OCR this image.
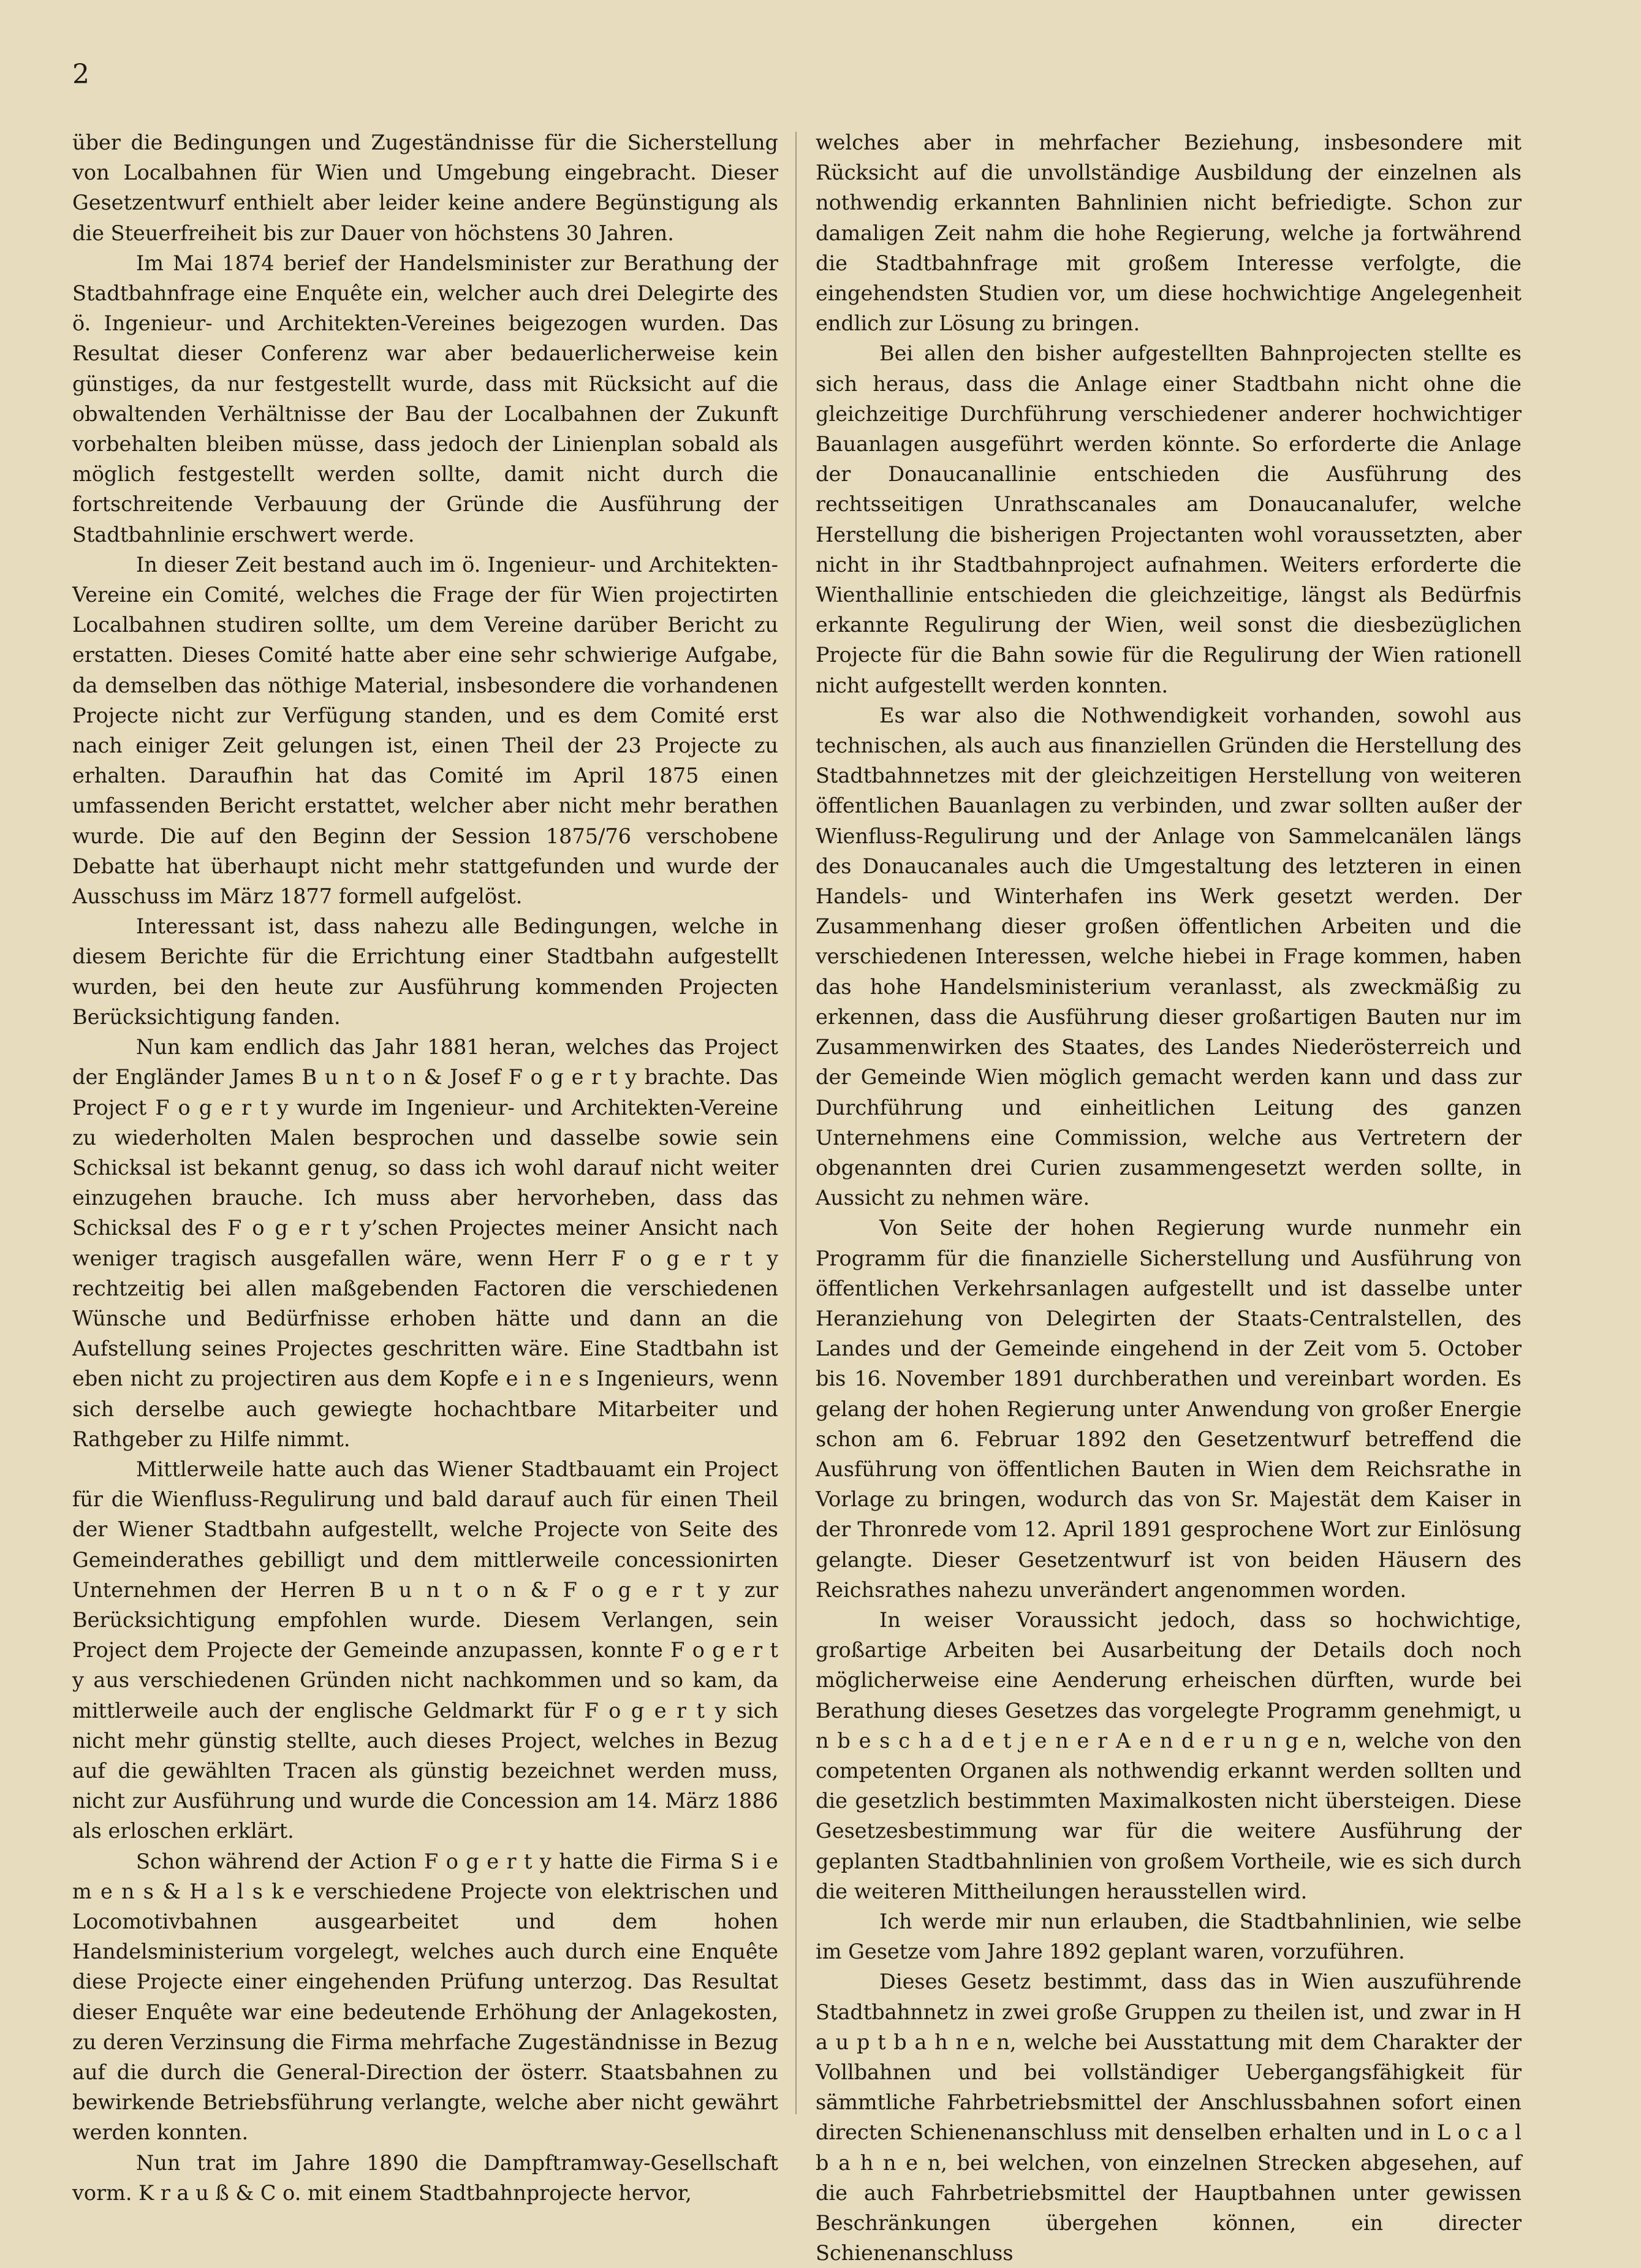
2

über die Bedingungen und Zugeständnisse für die Sicherstellung von Localbahnen für Wien und Umgebung eingebracht. Dieser Gesetzentwurf enthielt aber leider keine andere Begünstigung als die Steuerfreiheit bis zur Dauer von höchstens 30 Jahren.

Im Mai 1874 berief der Handelsminister zur Berathung der Stadtbahnfrage eine Enquête ein, welcher auch drei Delegirte des ö. Ingenieur- und Architekten-Vereines beigezogen wurden. Das Resultat dieser Conferenz war aber bedauerlicherweise kein günstiges, da nur festgestellt wurde, dass mit Rücksicht auf die obwaltenden Verhältnisse der Bau der Localbahnen der Zukunft vorbehalten bleiben müsse, dass jedoch der Linienplan sobald als möglich festgestellt werden sollte, damit nicht durch die fortschreitende Verbauung der Gründe die Ausführung der Stadtbahnlinie erschwert werde.

In dieser Zeit bestand auch im ö. Ingenieur- und Architekten-Vereine ein Comité, welches die Frage der für Wien projectirten Localbahnen studiren sollte, um dem Vereine darüber Bericht zu erstatten. Dieses Comité hatte aber eine sehr schwierige Aufgabe, da demselben das nöthige Material, insbesondere die vorhandenen Projecte nicht zur Verfügung standen, und es dem Comité erst nach einiger Zeit gelungen ist, einen Theil der 23 Projecte zu erhalten. Daraufhin hat das Comité im April 1875 einen umfassenden Bericht erstattet, welcher aber nicht mehr berathen wurde. Die auf den Beginn der Session 1875/76 verschobene Debatte hat überhaupt nicht mehr stattgefunden und wurde der Ausschuss im März 1877 formell aufgelöst.

Interessant ist, dass nahezu alle Bedingungen, welche in diesem Berichte für die Errichtung einer Stadtbahn aufgestellt wurden, bei den heute zur Ausführung kommenden Projecten Berücksichtigung fanden.

Nun kam endlich das Jahr 1881 heran, welches das Project der Engländer James B u n t o n & Josef F o g e r t y brachte. Das Project F o g e r t y wurde im Ingenieur- und Architekten-Vereine zu wiederholten Malen besprochen und dasselbe sowie sein Schicksal ist bekannt genug, so dass ich wohl darauf nicht weiter einzugehen brauche. Ich muss aber hervorheben, dass das Schicksal des F o g e r t y’schen Projectes meiner Ansicht nach weniger tragisch ausgefallen wäre, wenn Herr F o g e r t y rechtzeitig bei allen maßgebenden Factoren die verschiedenen Wünsche und Bedürfnisse erhoben hätte und dann an die Aufstellung seines Projectes geschritten wäre. Eine Stadtbahn ist eben nicht zu projectiren aus dem Kopfe e i n e s Ingenieurs, wenn sich derselbe auch gewiegte hochachtbare Mitarbeiter und Rathgeber zu Hilfe nimmt.

Mittlerweile hatte auch das Wiener Stadtbauamt ein Project für die Wienfluss-Regulirung und bald darauf auch für einen Theil der Wiener Stadtbahn aufgestellt, welche Projecte von Seite des Gemeinderathes gebilligt und dem mittlerweile concessionirten Unternehmen der Herren B u n t o n & F o g e r t y zur Berücksichtigung empfohlen wurde. Diesem Verlangen, sein Project dem Projecte der Gemeinde anzupassen, konnte F o g e r t y aus verschiedenen Gründen nicht nachkommen und so kam, da mittlerweile auch der englische Geldmarkt für F o g e r t y sich nicht mehr günstig stellte, auch dieses Project, welches in Bezug auf die gewählten Tracen als günstig bezeichnet werden muss, nicht zur Ausführung und wurde die Concession am 14. März 1886 als erloschen erklärt.

Schon während der Action F o g e r t y hatte die Firma S i e m e n s & H a l s k e verschiedene Projecte von elektrischen und Locomotivbahnen ausgearbeitet und dem hohen Handelsministerium vorgelegt, welches auch durch eine Enquête diese Projecte einer eingehenden Prüfung unterzog. Das Resultat dieser Enquête war eine bedeutende Erhöhung der Anlagekosten, zu deren Verzinsung die Firma mehrfache Zugeständnisse in Bezug auf die durch die General-Direction der österr. Staatsbahnen zu bewirkende Betriebsführung verlangte, welche aber nicht gewährt werden konnten.

Nun trat im Jahre 1890 die Dampftramway-Gesellschaft vorm. K r a u ß & C o. mit einem Stadtbahnprojecte hervor,

welches aber in mehrfacher Beziehung, insbesondere mit Rücksicht auf die unvollständige Ausbildung der einzelnen als nothwendig erkannten Bahnlinien nicht befriedigte. Schon zur damaligen Zeit nahm die hohe Regierung, welche ja fortwährend die Stadtbahnfrage mit großem Interesse verfolgte, die eingehendsten Studien vor, um diese hochwichtige Angelegenheit endlich zur Lösung zu bringen.

Bei allen den bisher aufgestellten Bahnprojecten stellte es sich heraus, dass die Anlage einer Stadtbahn nicht ohne die gleichzeitige Durchführung verschiedener anderer hochwichtiger Bauanlagen ausgeführt werden könnte. So erforderte die Anlage der Donaucanallinie entschieden die Ausführung des rechtsseitigen Unrathscanales am Donaucanalufer, welche Herstellung die bisherigen Projectanten wohl voraussetzten, aber nicht in ihr Stadtbahnproject aufnahmen. Weiters erforderte die Wienthallinie entschieden die gleichzeitige, längst als Bedürfnis erkannte Regulirung der Wien, weil sonst die diesbezüglichen Projecte für die Bahn sowie für die Regulirung der Wien rationell nicht aufgestellt werden konnten.

Es war also die Nothwendigkeit vorhanden, sowohl aus technischen, als auch aus finanziellen Gründen die Herstellung des Stadtbahnnetzes mit der gleichzeitigen Herstellung von weiteren öffentlichen Bauanlagen zu verbinden, und zwar sollten außer der Wienfluss-Regulirung und der Anlage von Sammelcanälen längs des Donaucanales auch die Umgestaltung des letzteren in einen Handels- und Winterhafen ins Werk gesetzt werden. Der Zusammenhang dieser großen öffentlichen Arbeiten und die verschiedenen Interessen, welche hiebei in Frage kommen, haben das hohe Handelsministerium veranlasst, als zweckmäßig zu erkennen, dass die Ausführung dieser großartigen Bauten nur im Zusammenwirken des Staates, des Landes Niederösterreich und der Gemeinde Wien möglich gemacht werden kann und dass zur Durchführung und einheitlichen Leitung des ganzen Unternehmens eine Commission, welche aus Vertretern der obgenannten drei Curien zusammengesetzt werden sollte, in Aussicht zu nehmen wäre.

Von Seite der hohen Regierung wurde nunmehr ein Programm für die finanzielle Sicherstellung und Ausführung von öffentlichen Verkehrsanlagen aufgestellt und ist dasselbe unter Heranziehung von Delegirten der Staats-Centralstellen, des Landes und der Gemeinde eingehend in der Zeit vom 5. October bis 16. November 1891 durchberathen und vereinbart worden. Es gelang der hohen Regierung unter Anwendung von großer Energie schon am 6. Februar 1892 den Gesetzentwurf betreffend die Ausführung von öffentlichen Bauten in Wien dem Reichsrathe in Vorlage zu bringen, wodurch das von Sr. Majestät dem Kaiser in der Thronrede vom 12. April 1891 gesprochene Wort zur Einlösung gelangte. Dieser Gesetzentwurf ist von beiden Häusern des Reichsrathes nahezu unverändert angenommen worden.

In weiser Voraussicht jedoch, dass so hochwichtige, großartige Arbeiten bei Ausarbeitung der Details doch noch möglicherweise eine Aenderung erheischen dürften, wurde bei Berathung dieses Gesetzes das vorgelegte Programm genehmigt, u n b e s c h a d e t j e n e r A e n d e r u n g e n, welche von den competenten Organen als nothwendig erkannt werden sollten und die gesetzlich bestimmten Maximalkosten nicht übersteigen. Diese Gesetzesbestimmung war für die weitere Ausführung der geplanten Stadtbahnlinien von großem Vortheile, wie es sich durch die weiteren Mittheilungen herausstellen wird.

Ich werde mir nun erlauben, die Stadtbahnlinien, wie selbe im Gesetze vom Jahre 1892 geplant waren, vorzuführen.

Dieses Gesetz bestimmt, dass das in Wien auszuführende Stadtbahnnetz in zwei große Gruppen zu theilen ist, und zwar in H a u p t b a h n e n, welche bei Ausstattung mit dem Charakter der Vollbahnen und bei vollständiger Uebergangsfähigkeit für sämmtliche Fahrbetriebsmittel der Anschlussbahnen sofort einen directen Schienenanschluss mit denselben erhalten und in L o c a l b a h n e n, bei welchen, von einzelnen Strecken abgesehen, auf die auch Fahrbetriebsmittel der Hauptbahnen unter gewissen Beschränkungen übergehen können, ein directer Schienenanschluss
